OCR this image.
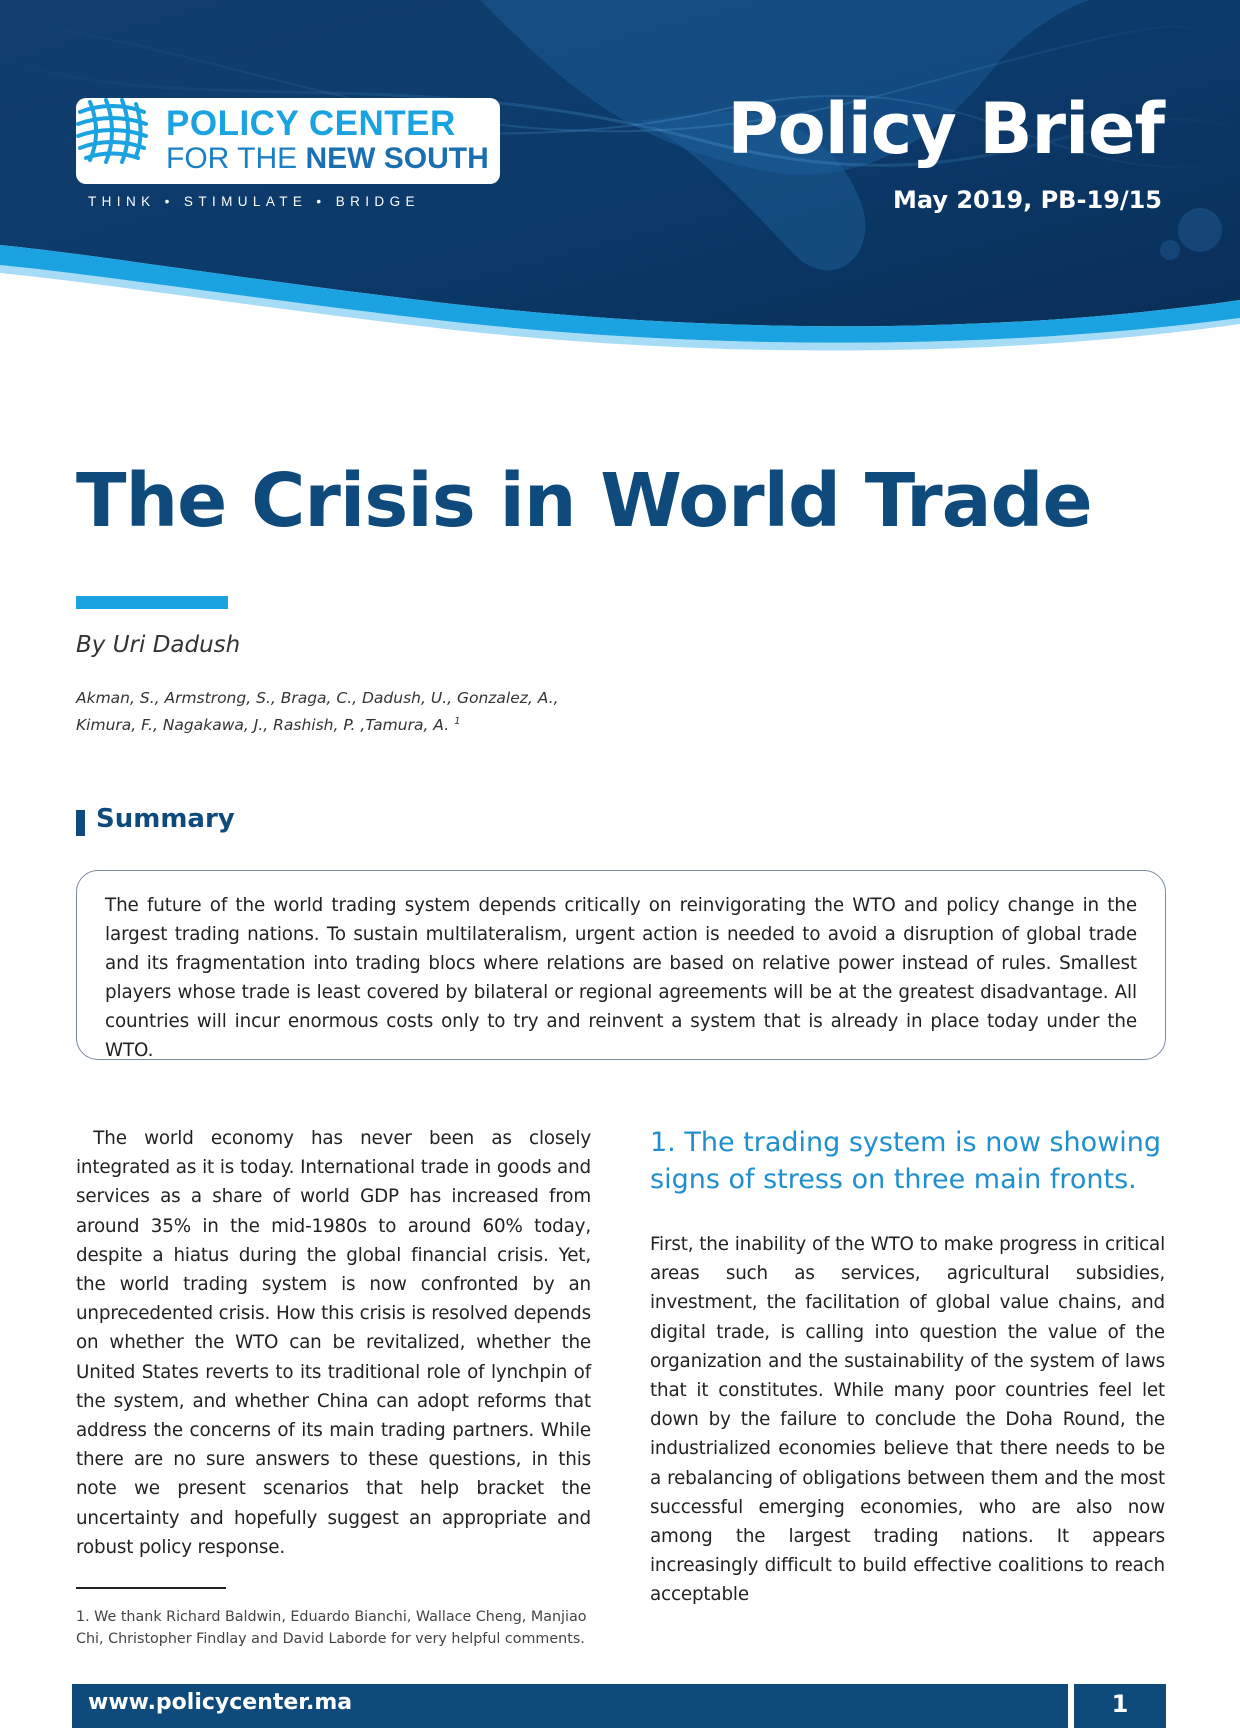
POLICY CENTER
FOR THE NEW SOUTH
THINK • STIMULATE • BRIDGE
Policy Brief
May 2019, PB-19/15
The Crisis in World Trade
By Uri Dadush
Akman, S., Armstrong, S., Braga, C., Dadush, U., Gonzalez, A.,
Kimura, F., Nagakawa, J., Rashish, P. ,Tamura, A. $^1$
Summary

The future of the world trading system depends critically on reinvigorating the WTO and policy change in the largest trading nations. To sustain multilateralism, urgent action is needed to avoid a disruption of global trade and its fragmentation into trading blocs where relations are based on relative power instead of rules. Smallest players whose trade is least covered by bilateral or regional agreements will be at the greatest disadvantage. All countries will incur enormous costs only to try and reinvent a system that is already in place today under the WTO.

The world economy has never been as closely integrated as it is today. International trade in goods and services as a share of world GDP has increased from around 35% in the mid-1980s to around 60% today, despite a hiatus during the global financial crisis. Yet, the world trading system is now confronted by an unprecedented crisis. How this crisis is resolved depends on whether the WTO can be revitalized, whether the United States reverts to its traditional role of lynchpin of the system, and whether China can adopt reforms that address the concerns of its main trading partners. While there are no sure answers to these questions, in this note we present scenarios that help bracket the uncertainty and hopefully suggest an appropriate and robust policy response.

1. The trading system is now showing signs of stress on three main fronts.

First, the inability of the WTO to make progress in critical areas such as services, agricultural subsidies, investment, the facilitation of global value chains, and digital trade, is calling into question the value of the organization and the sustainability of the system of laws that it constitutes. While many poor countries feel let down by the failure to conclude the Doha Round, the industrialized economies believe that there needs to be a rebalancing of obligations between them and the most successful emerging economies, who are also now among the largest trading nations. It appears increasingly difficult to build effective coalitions to reach acceptable

1. We thank Richard Baldwin, Eduardo Bianchi, Wallace Cheng, Manjiao Chi, Christopher Findlay and David Laborde for very helpful comments.
www.policycenter.ma	1
